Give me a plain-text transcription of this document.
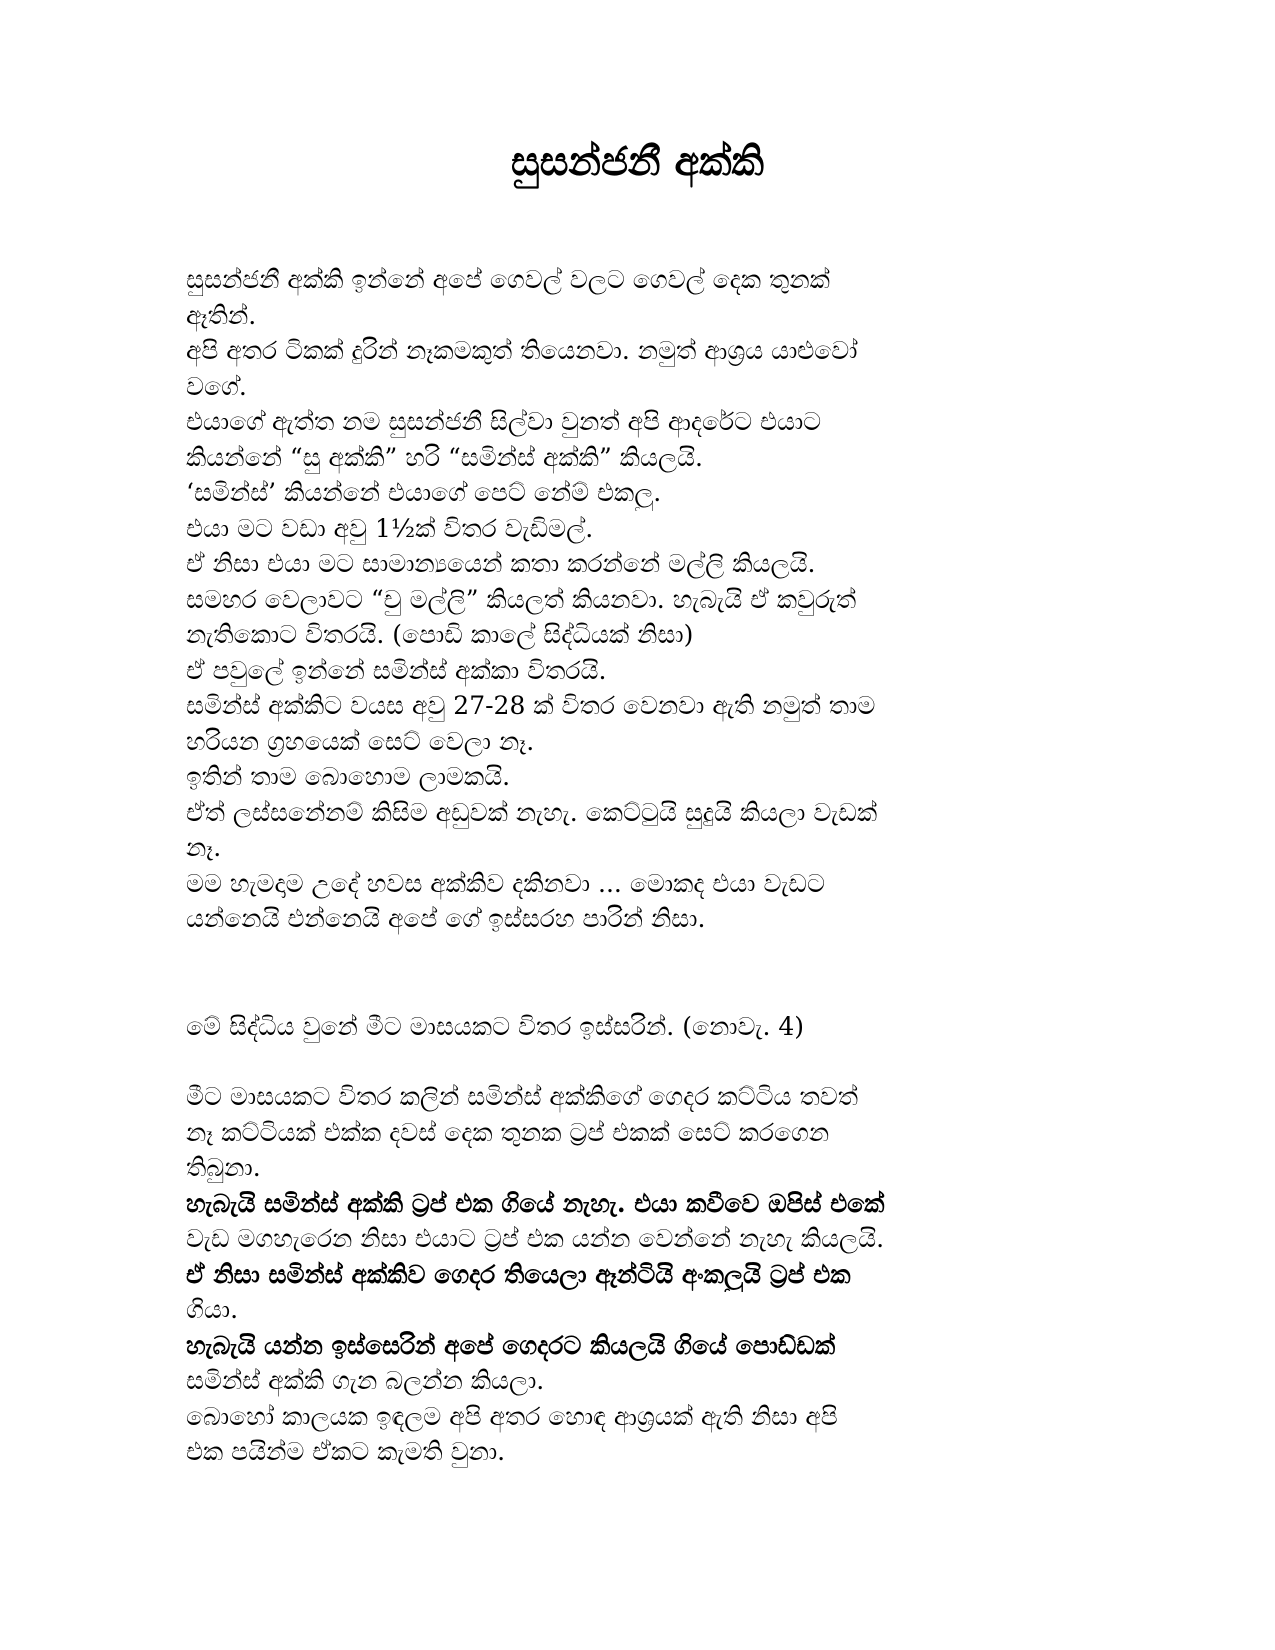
සුසන්ජනී අක්කි
සුසන්ජනී අක්කි ඉන්නේ අපේ ගෙවල් වලට ගෙවල් දෙක තුනක්
ඈතින්.
අපි අතර ටිකක් දුරින් නෑකමකුත් තියෙනවා. නමුත් ආශ්‍රය යාළුවෝ
වගේ.
එයාගේ ඇත්ත නම සුසන්ජනී සිල්වා වුනත් අපි ආදරේට එයාට
කියන්නේ “සු අක්කි” හරි “සමින්ස් අක්කි” කියලයි.
‘සමින්ස්’ කියන්නේ එයාගේ පෙට් නේම් එකලු.
එයා මට වඩා අවු 1½ක් විතර වැඩිමල්.
ඒ නිසා එයා මට සාමාන්‍යයෙන් කතා කරන්නේ මල්ලි කියලයි.
සමහර වෙලාවට “චු මල්ලි” කියලත් කියනවා. හැබැයි ඒ කවුරුත්
නැතිකොට විතරයි. (පොඩි කාලේ සිද්ධියක් නිසා)
ඒ පවුලේ ඉන්නේ සමින්ස් අක්කා විතරයි.
සමින්ස් අක්කිට වයස අවු 27-28 ක් විතර වෙනවා ඇති නමුත් තාම
හරියන ග්‍රහයෙක් සෙට් වෙලා නෑ.
ඉතින් තාම බොහොම ලාමකයි.
ඒත් ලස්සනේනම් කිසිම අඩුවක් නැහැ. කෙට්ටුයි සුදුයි කියලා වැඩක්
නෑ.
මම හැමදාම උදේ හවස අක්කිව දකිනවා ... මොකද එයා වැඩට
යන්නෙයි එන්නෙයි අපේ ගේ ඉස්සරහ පාරින් නිසා.
මේ සිද්ධිය වුනේ මීට මාසයකට විතර ඉස්සරින්. (නොවැ. 4)
මීට මාසයකට විතර කලින් සමින්ස් අක්කිගේ ගෙදර කට්ටිය තවත්
නෑ කට්ටියක් එක්ක දවස් දෙක තුනක ට්‍රප් එකක් සෙට් කරගෙන
තිබුනා.
හැබැයි සමින්ස් අක්කි ට්‍රප් එක ගියේ නැහැ. එයා කවීවෙ ඔපිස් එකේ
වැඩ මගහැරෙන නිසා එයාට ට්‍රප් එක යන්න වෙන්නේ නැහැ කියලයි.
ඒ නිසා සමින්ස් අක්කිව ගෙදර තියෙලා ඈන්ටියි අංකලුයි ට්‍රප් එක
ගියා.
හැබැයි යන්න ඉස්සෙරින් අපේ ගෙදරට කියලයි ගියේ පොඩ්ඩක්
සමින්ස් අක්කි ගැන බලන්න කියලා.
බොහෝ කාලයක ඉඳලම අපි අතර හොඳ ආශ්‍රයක් ඇති නිසා අපි
එක පයින්ම ඒකට කැමති වුනා.
